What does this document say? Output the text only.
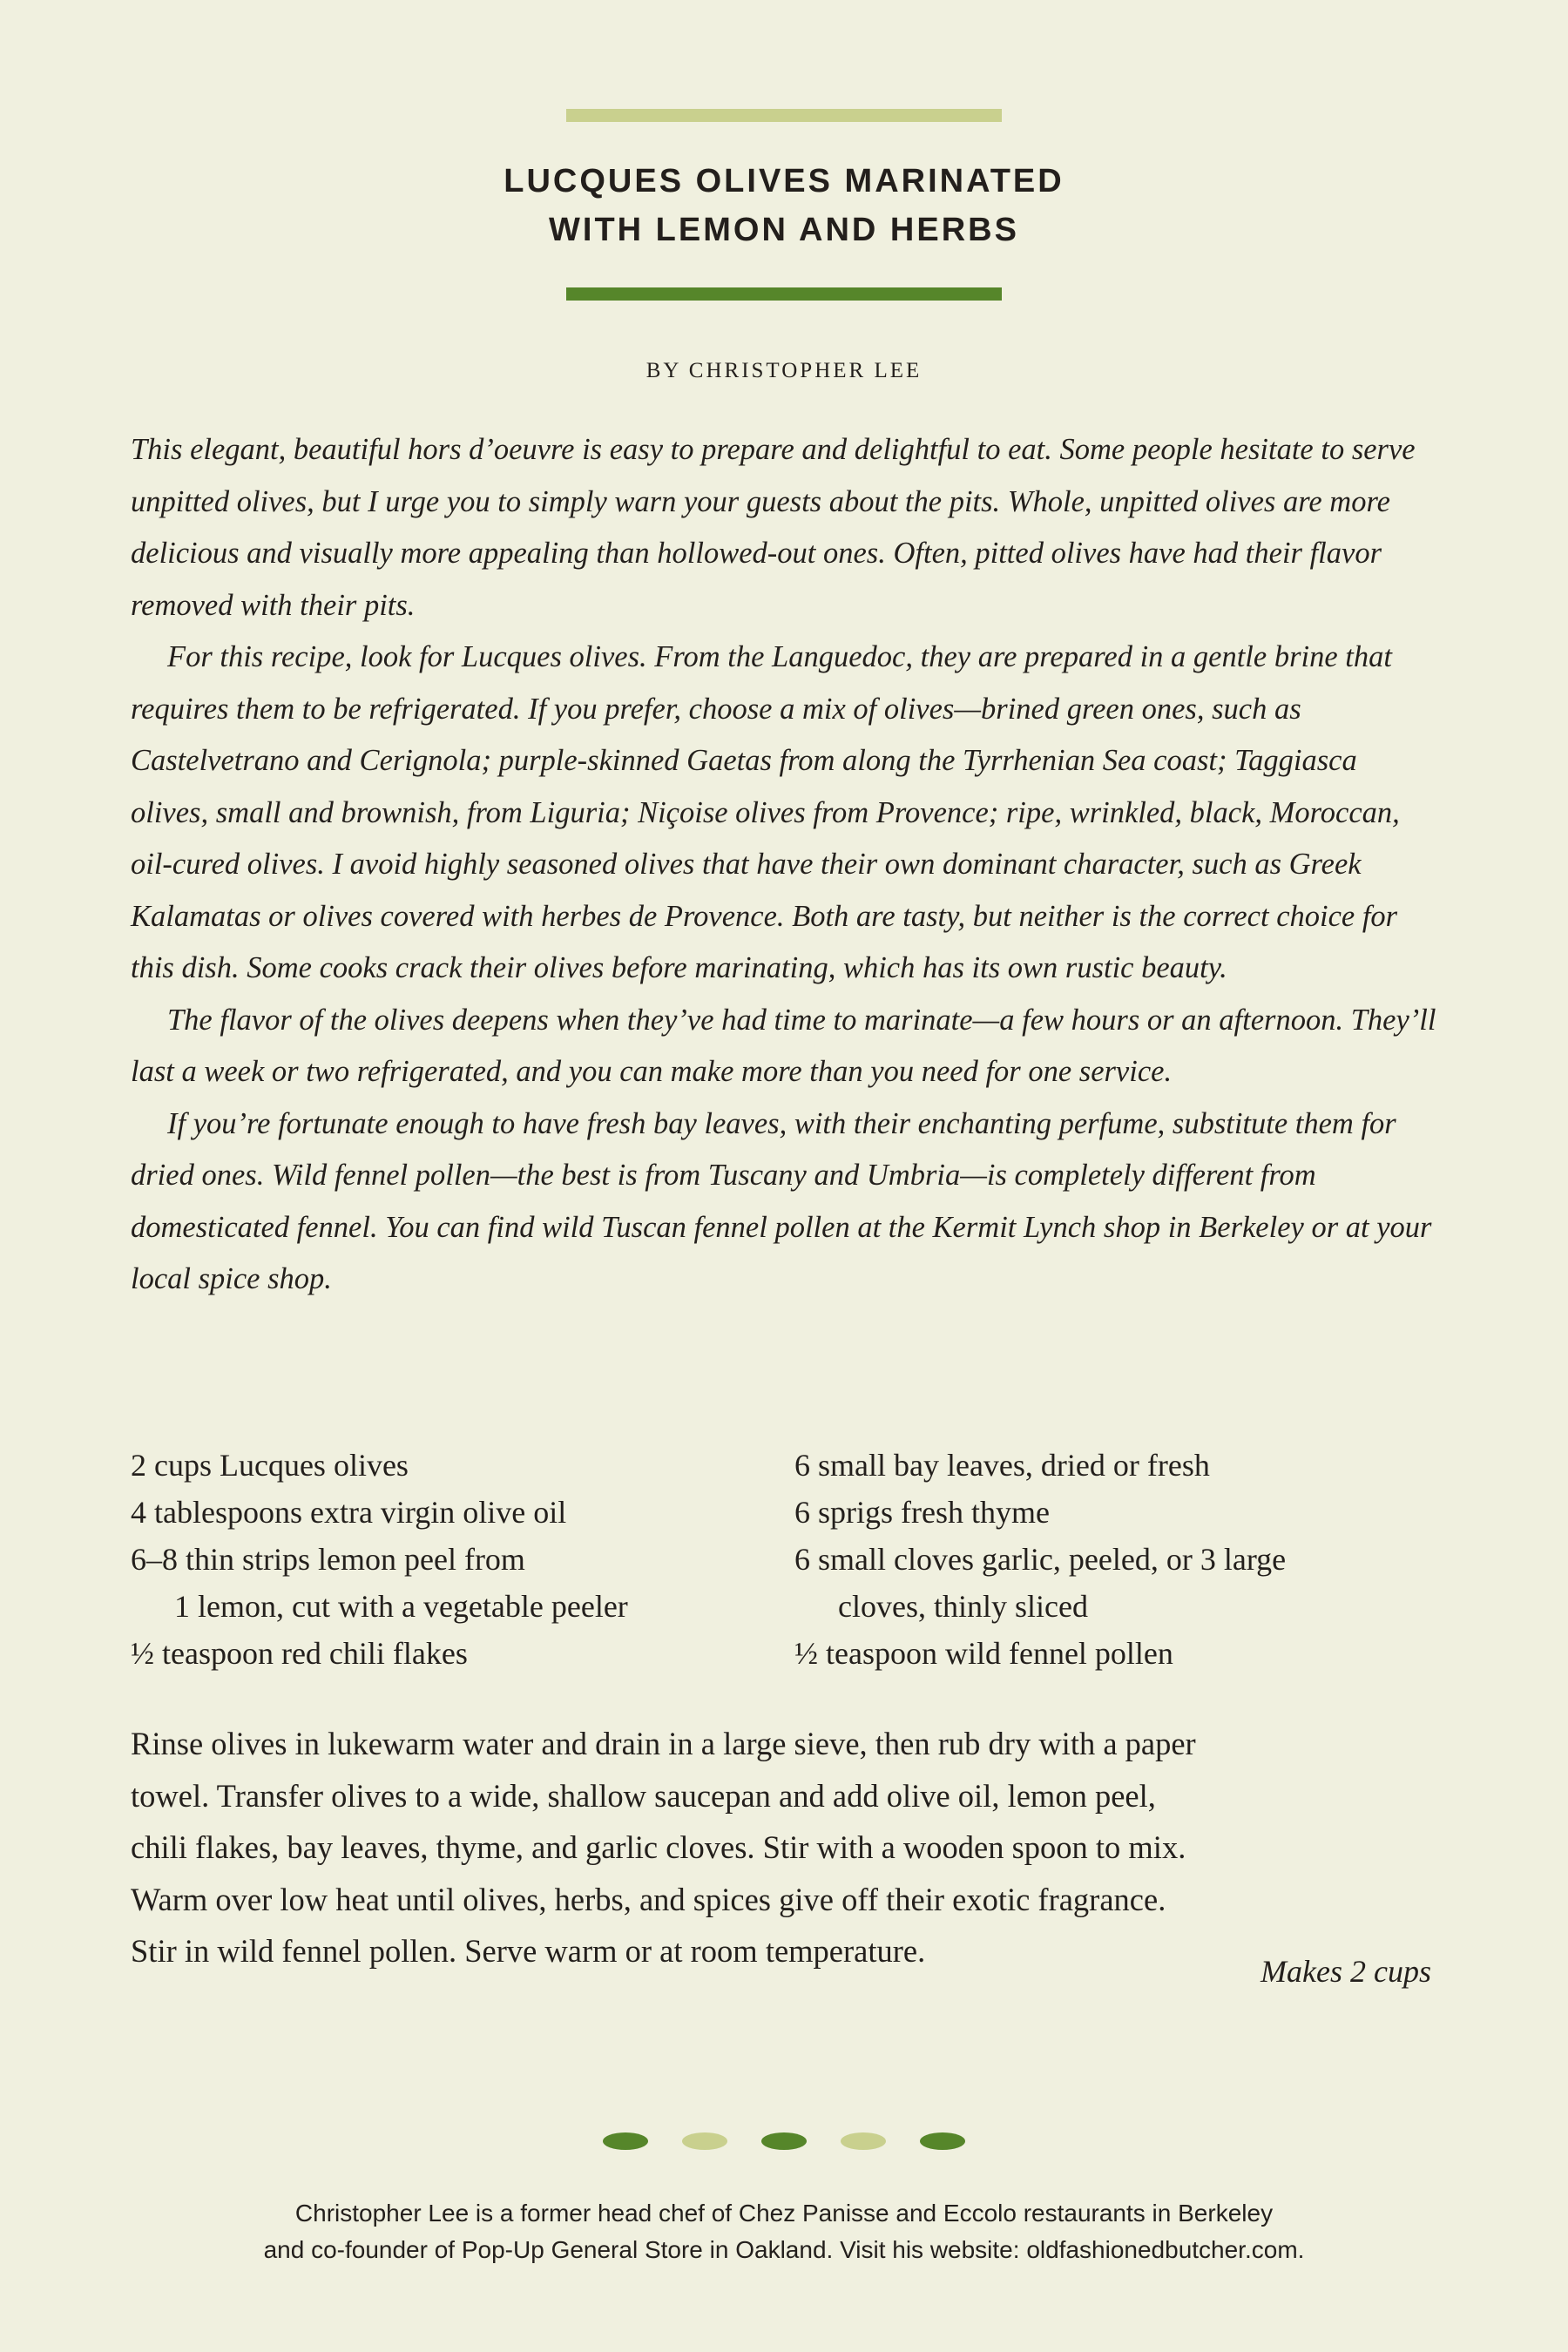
LUCQUES OLIVES MARINATED
WITH LEMON AND HERBS
BY CHRISTOPHER LEE

This elegant, beautiful hors d’oeuvre is easy to prepare and delightful to eat. Some people hesitate to serve unpitted olives, but I urge you to simply warn your guests about the pits. Whole, unpitted olives are more delicious and visually more appealing than hollowed-out ones. Often, pitted olives have had their flavor removed with their pits.

For this recipe, look for Lucques olives. From the Languedoc, they are prepared in a gentle brine that requires them to be refrigerated. If you prefer, choose a mix of olives—brined green ones, such as Castelvetrano and Cerignola; purple-skinned Gaetas from along the Tyrrhenian Sea coast; Taggiasca olives, small and brownish, from Liguria; Niçoise olives from Provence; ripe, wrinkled, black, Moroccan, oil-cured olives. I avoid highly seasoned olives that have their own dominant character, such as Greek Kalamatas or olives covered with herbes de Provence. Both are tasty, but neither is the correct choice for this dish. Some cooks crack their olives before marinating, which has its own rustic beauty.

The flavor of the olives deepens when they’ve had time to marinate—a few hours or an afternoon. They’ll last a week or two refrigerated, and you can make more than you need for one service.

If you’re fortunate enough to have fresh bay leaves, with their enchanting perfume, substitute them for dried ones. Wild fennel pollen—the best is from Tuscany and Umbria—is completely different from domesticated fennel. You can find wild Tuscan fennel pollen at the Kermit Lynch shop in Berkeley or at your local spice shop.

2 cups Lucques olives
4 tablespoons extra virgin olive oil
6–8 thin strips lemon peel from
1 lemon, cut with a vegetable peeler
½ teaspoon red chili flakes
6 small bay leaves, dried or fresh
6 sprigs fresh thyme
6 small cloves garlic, peeled, or 3 large
cloves, thinly sliced
½ teaspoon wild fennel pollen
Rinse olives in lukewarm water and drain in a large sieve, then rub dry with a paper
towel. Transfer olives to a wide, shallow saucepan and add olive oil, lemon peel,
chili flakes, bay leaves, thyme, and garlic cloves. Stir with a wooden spoon to mix.
Warm over low heat until olives, herbs, and spices give off their exotic fragrance.
Stir in wild fennel pollen. Serve warm or at room temperature.
Makes 2 cups
Christopher Lee is a former head chef of Chez Panisse and Eccolo restaurants in Berkeley
and co-founder of Pop-Up General Store in Oakland. Visit his website: oldfashionedbutcher.com.
